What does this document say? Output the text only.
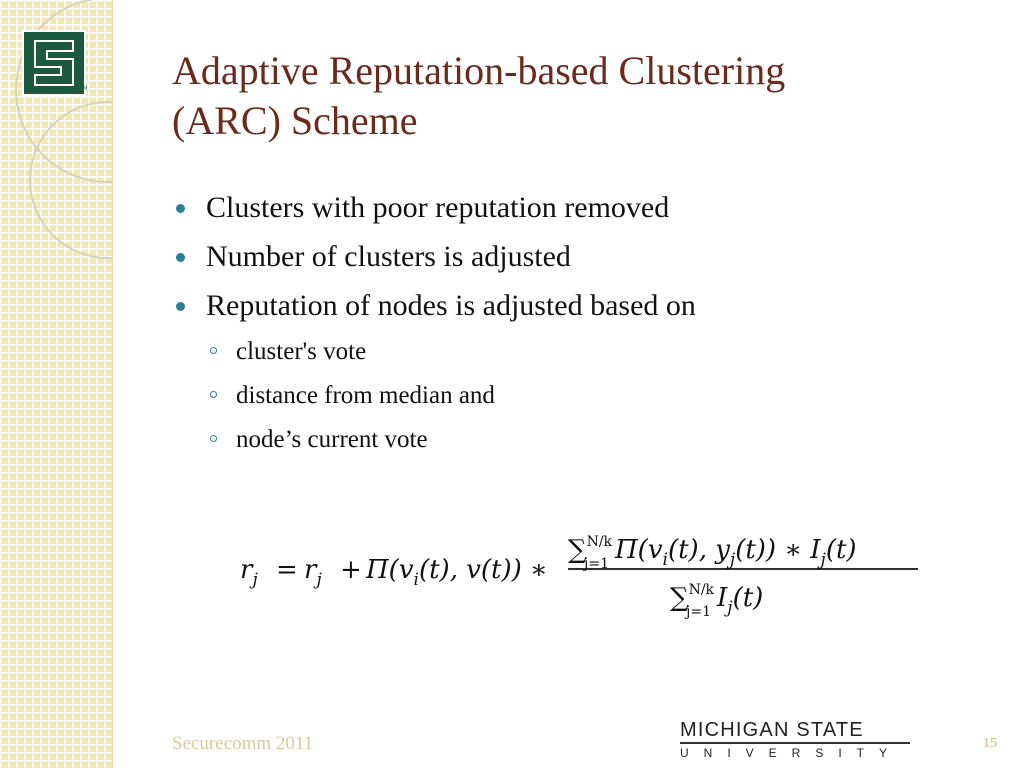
TM Adaptive Reputation-based Clustering
(ARC) Scheme
Clusters with poor reputation removed
Number of clusters is adjusted
Reputation of nodes is adjusted based on
cluster's vote
distance from median and
node’s current vote
$r_j = r_j + \Pi(v_i(t)$, v(t)) ∗
∑$^{N/k}$ j=1 $\Pi(v_i(t)$, $y_j(t)$) ∗ $I_j(t)$
∑$^{N/k}$ j=1 $I_j(t)$
Securecomm 2011
MICHIGAN STATE
UNIVERSITY
15
